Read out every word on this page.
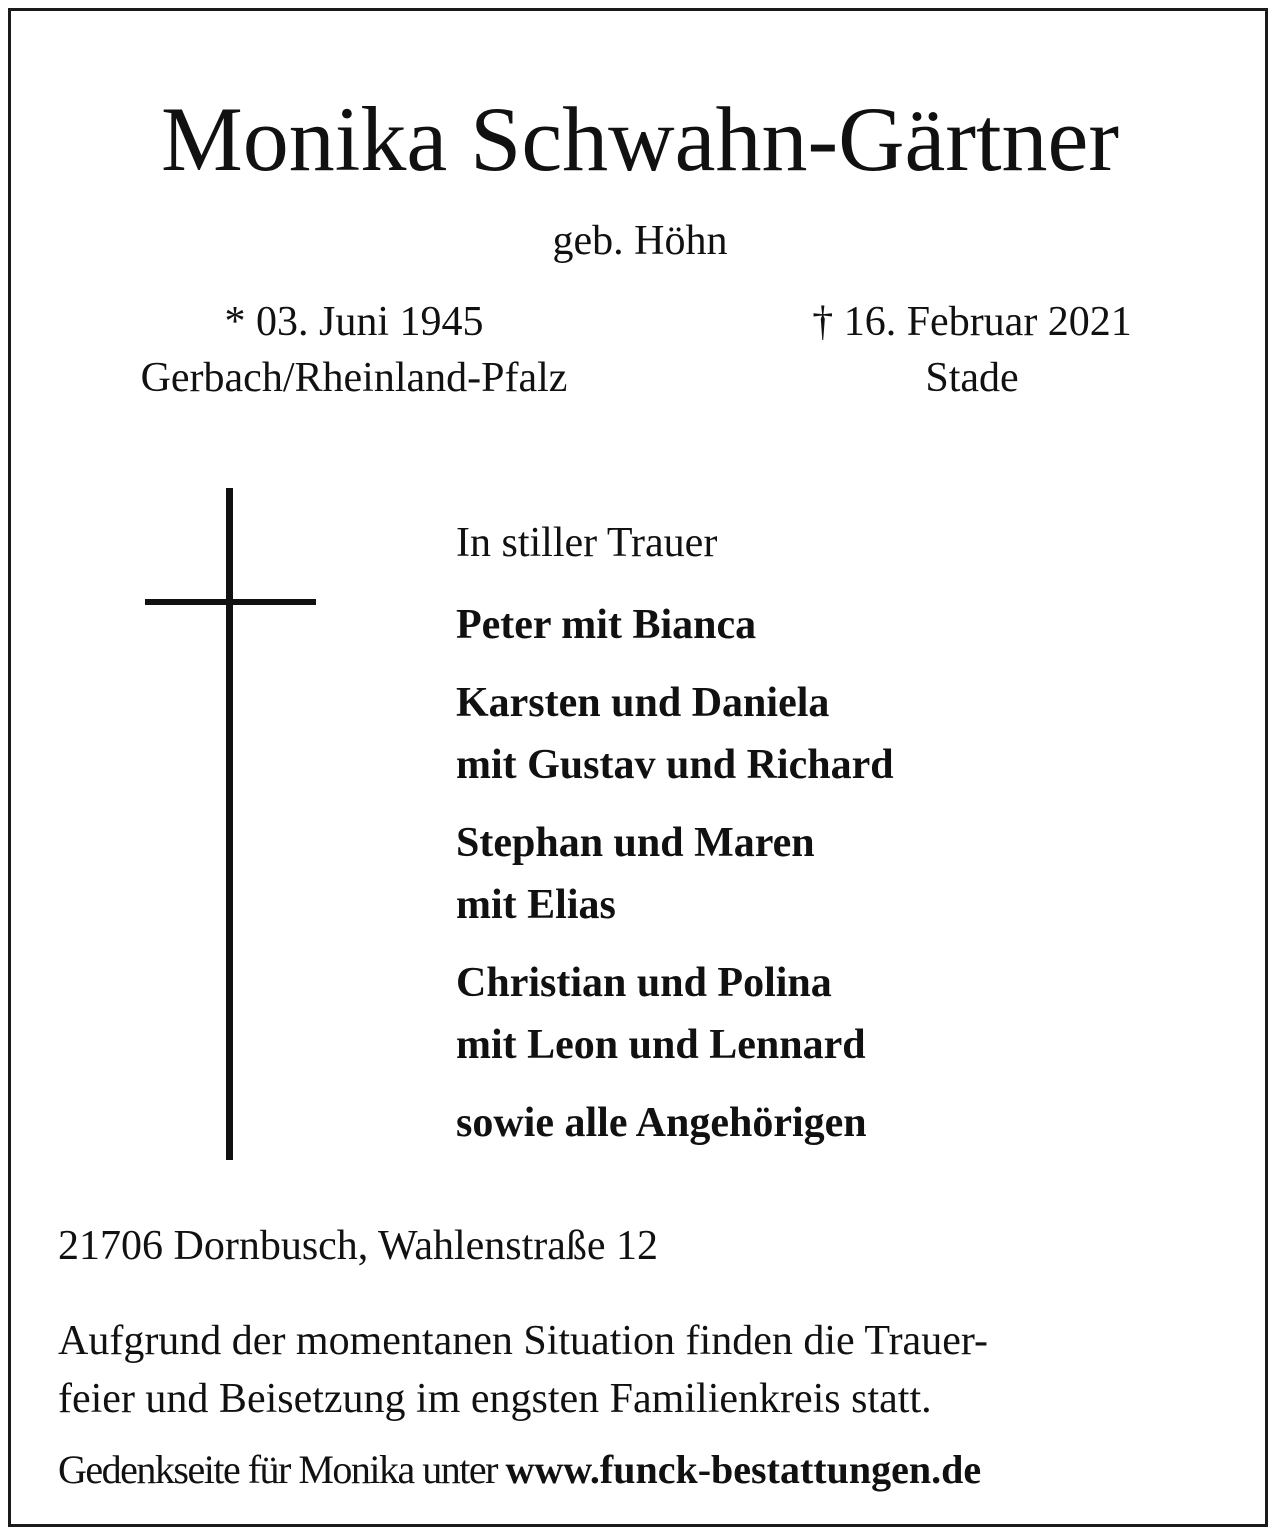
Monika Schwahn-Gärtner
geb. Höhn
* 03. Juni 1945
Gerbach/Rheinland-Pfalz
† 16. Februar 2021
Stade
In stiller Trauer
Peter mit Bianca
Karsten und Daniela
mit Gustav und Richard
Stephan und Maren
mit Elias
Christian und Polina
mit Leon und Lennard
sowie alle Angehörigen
21706 Dornbusch, Wahlenstraße 12
Aufgrund der momentanen Situation finden die Trauer-
feier und Beisetzung im engsten Familienkreis statt.
Gedenkseite für Monika unter www.funck-bestattungen.de
